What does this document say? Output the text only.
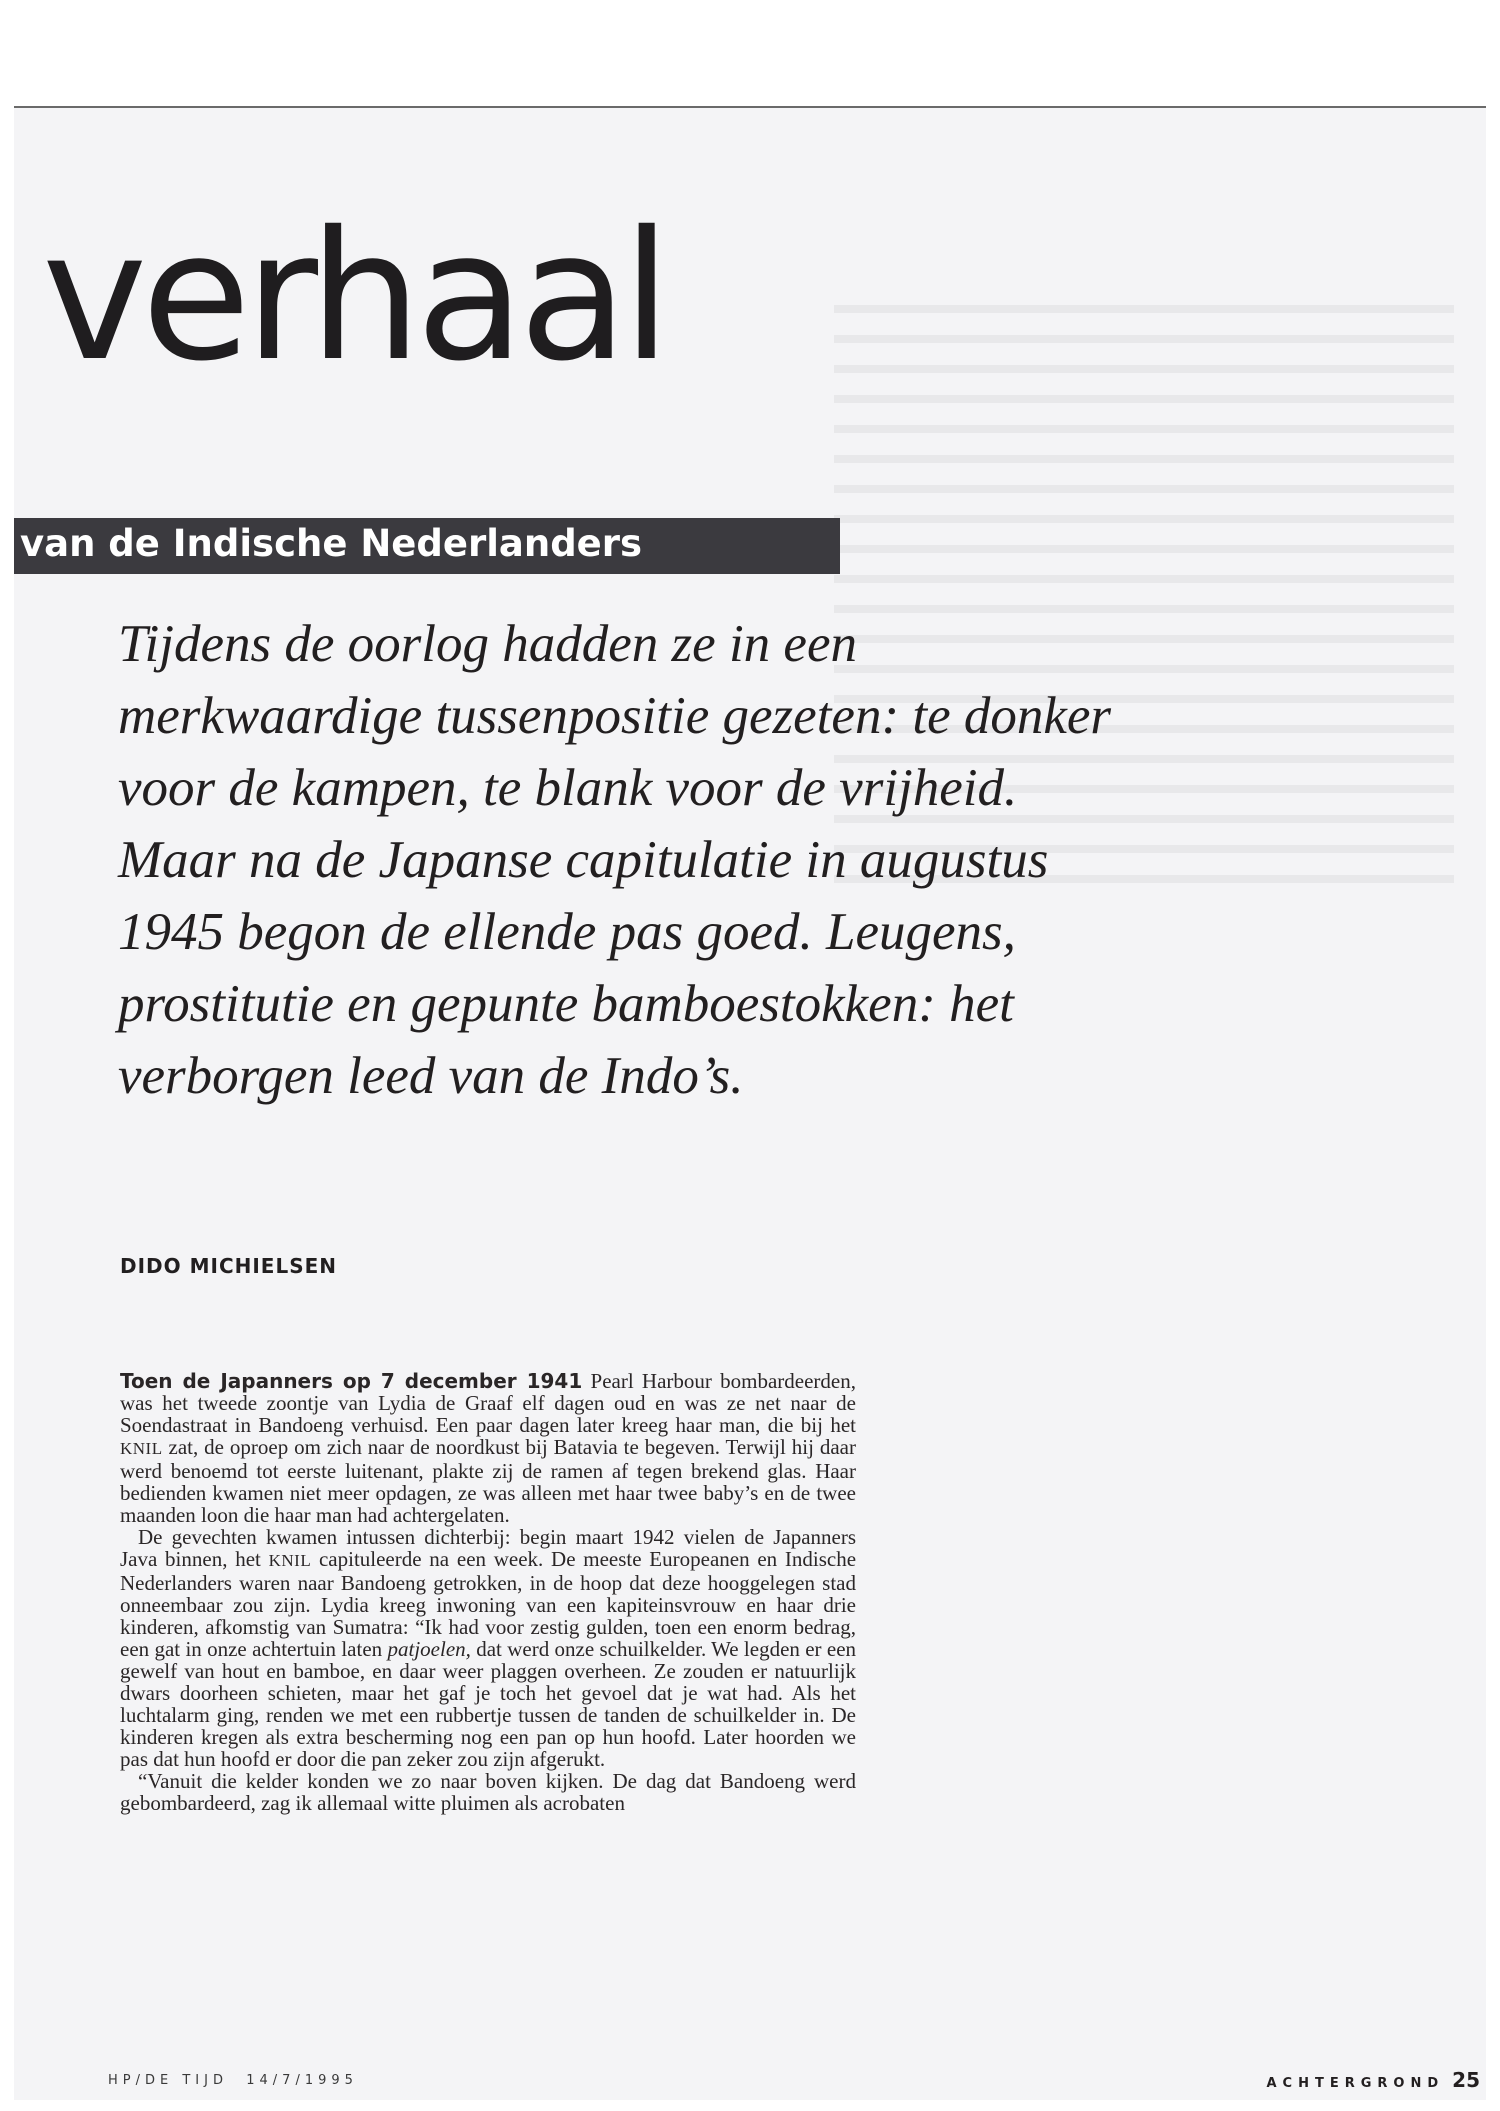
verhaal
van de Indische Nederlanders

Tijdens de oorlog hadden ze in een merkwaardige tussenpositie gezeten: te donker voor de kampen, te blank voor de vrijheid. Maar na de Japanse capitulatie in augustus 1945 begon de ellende pas goed. Leugens, prostitutie en gepunte bamboestokken: het verborgen leed van de Indo’s.

DIDO MICHIELSEN

Toen de Japanners op 7 december 1941 Pearl Harbour bombardeerden, was het tweede zoontje van Lydia de Graaf elf dagen oud en was ze net naar de Soendastraat in Bandoeng verhuisd. Een paar dagen later kreeg haar man, die bij het KNIL zat, de oproep om zich naar de noordkust bij Batavia te begeven. Terwijl hij daar werd benoemd tot eerste luitenant, plakte zij de ramen af tegen brekend glas. Haar bedienden kwamen niet meer opdagen, ze was alleen met haar twee baby’s en de twee maanden loon die haar man had achtergelaten.

De gevechten kwamen intussen dichterbij: begin maart 1942 vielen de Japanners Java binnen, het KNIL capituleerde na een week. De meeste Europeanen en Indische Nederlanders waren naar Bandoeng getrokken, in de hoop dat deze hooggelegen stad onneembaar zou zijn. Lydia kreeg inwoning van een kapiteinsvrouw en haar drie kinderen, afkomstig van Sumatra: “Ik had voor zestig gulden, toen een enorm bedrag, een gat in onze achtertuin laten patjoelen, dat werd onze schuilkelder. We legden er een gewelf van hout en bamboe, en daar weer plaggen overheen. Ze zouden er natuurlijk dwars doorheen schieten, maar het gaf je toch het gevoel dat je wat had. Als het luchtalarm ging, renden we met een rubbertje tussen de tanden de schuilkelder in. De kinderen kregen als extra bescherming nog een pan op hun hoofd. Later hoorden we pas dat hun hoofd er door die pan zeker zou zijn afgerukt.

“Vanuit die kelder konden we zo naar boven kijken. De dag dat Bandoeng werd gebombardeerd, zag ik allemaal witte pluimen als acrobaten

HP/DE TIJD 14/7/1995	ACHTERGROND 25
